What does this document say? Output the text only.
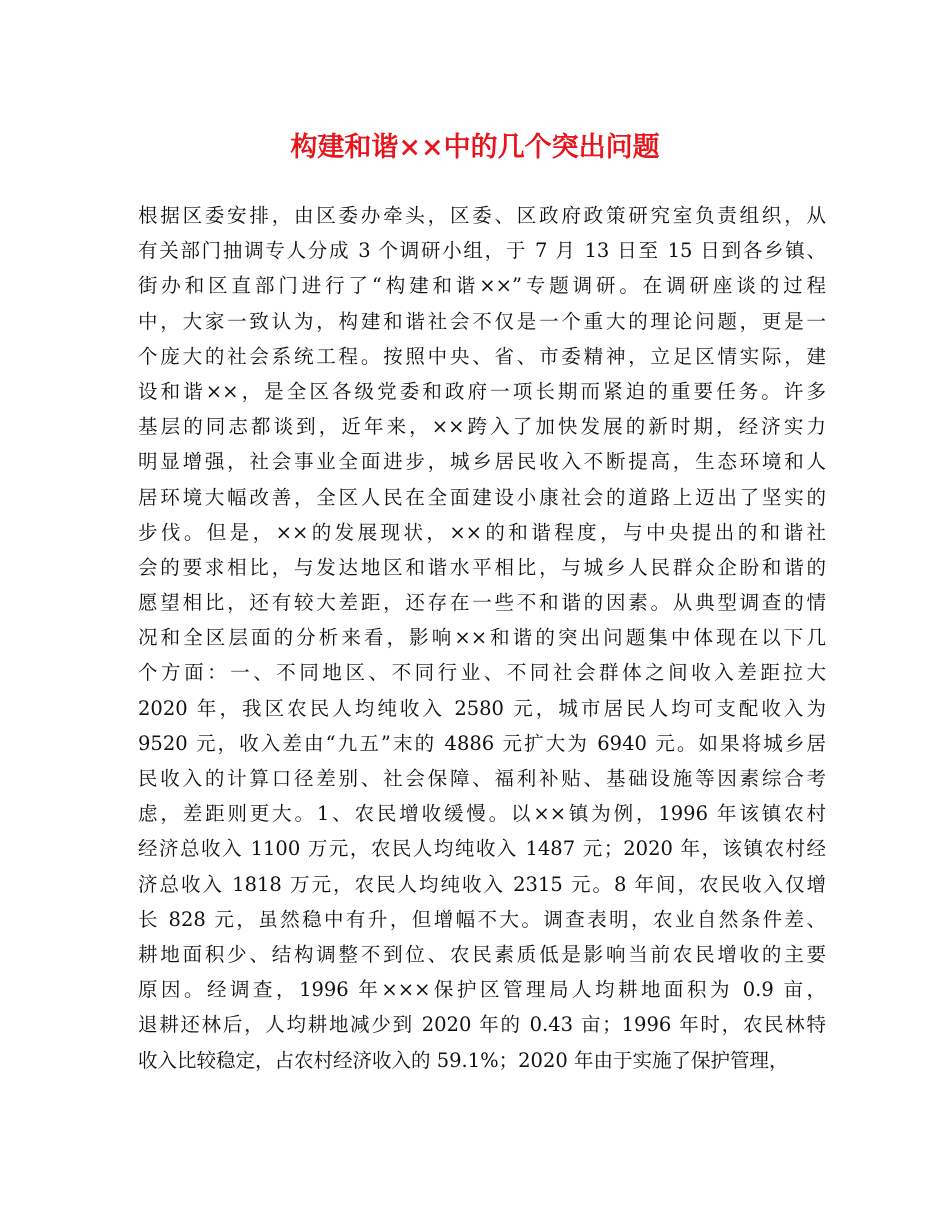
构建和谐××中的几个突出问题
根据区委安排，由区委办牵头，区委、区政府政策研究室负责组织，从
有关部门抽调专人分成 3 个调研小组，于 7 月 13 日至 15 日到各乡镇、
街办和区直部门进行了“构建和谐××”专题调研。在调研座谈的过程
中，大家一致认为，构建和谐社会不仅是一个重大的理论问题，更是一
个庞大的社会系统工程。按照中央、省、市委精神，立足区情实际，建
设和谐××，是全区各级党委和政府一项长期而紧迫的重要任务。许多
基层的同志都谈到，近年来，××跨入了加快发展的新时期，经济实力
明显增强，社会事业全面进步，城乡居民收入不断提高，生态环境和人
居环境大幅改善，全区人民在全面建设小康社会的道路上迈出了坚实的
步伐。但是，××的发展现状，××的和谐程度，与中央提出的和谐社
会的要求相比，与发达地区和谐水平相比，与城乡人民群众企盼和谐的
愿望相比，还有较大差距，还存在一些不和谐的因素。从典型调查的情
况和全区层面的分析来看，影响××和谐的突出问题集中体现在以下几
个方面：一、不同地区、不同行业、不同社会群体之间收入差距拉大
2020 年，我区农民人均纯收入 2580 元，城市居民人均可支配收入为
9520 元，收入差由“九五”末的 4886 元扩大为 6940 元。如果将城乡居
民收入的计算口径差别、社会保障、福利补贴、基础设施等因素综合考
虑，差距则更大。1、农民增收缓慢。以××镇为例，1996 年该镇农村
经济总收入 1100 万元，农民人均纯收入 1487 元；2020 年，该镇农村经
济总收入 1818 万元，农民人均纯收入 2315 元。8 年间，农民收入仅增
长 828 元，虽然稳中有升，但增幅不大。调查表明，农业自然条件差、
耕地面积少、结构调整不到位、农民素质低是影响当前农民增收的主要
原因。经调查，1996 年×××保护区管理局人均耕地面积为 0.9 亩，
退耕还林后，人均耕地减少到 2020 年的 0.43 亩；1996 年时，农民林特
收入比较稳定，占农村经济收入的 59.1%；2020 年由于实施了保护管理，
